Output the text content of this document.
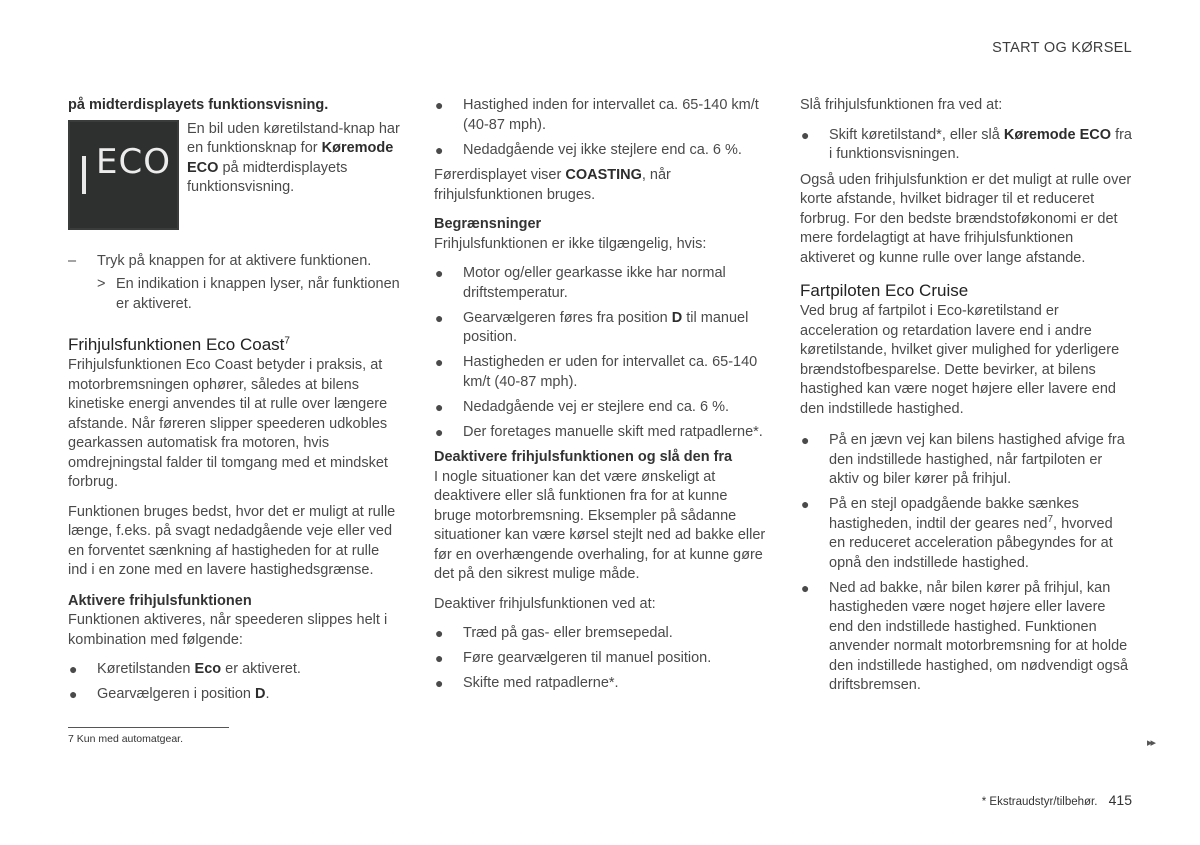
START OG KØRSEL

på midterdisplayets funktionsvisning.

ECO
En bil uden køretilstand-knap har en funktionsknap for Køremode ECO på midterdisplayets funktionsvisning.
– Tryk på knappen for at aktivere funktionen.
> En indikation i knappen lyser, når funktionen er aktiveret.
Frihjulsfunktionen Eco Coast$^7$

Frihjulsfunktionen Eco Coast betyder i praksis, at motorbremsningen ophører, således at bilens kinetiske energi anvendes til at rulle over længere afstande. Når føreren slipper speederen udkobles gearkassen automatisk fra motoren, hvis omdrejningstal falder til tomgang med et mindsket forbrug.

Funktionen bruges bedst, hvor det er muligt at rulle længe, f.eks. på svagt nedadgående veje eller ved en forventet sænkning af hastigheden for at rulle ind i en zone med en lavere hastighedsgrænse.

Aktivere frihjulsfunktionen

Funktionen aktiveres, når speederen slippes helt i kombination med følgende:

● Køretilstanden Eco er aktiveret.
● Gearvælgeren i position D.
● Hastighed inden for intervallet ca. 65-140 km/t (40-87 mph).
● Nedadgående vej ikke stejlere end ca. 6 %.

Førerdisplayet viser COASTING, når frihjulsfunktionen bruges.

Begrænsninger

Frihjulsfunktionen er ikke tilgængelig, hvis:

● Motor og/eller gearkasse ikke har normal driftstemperatur.
● Gearvælgeren føres fra position D til manuel position.
● Hastigheden er uden for intervallet ca. 65-140 km/t (40-87 mph).
● Nedadgående vej er stejlere end ca. 6 %.
● Der foretages manuelle skift med ratpadlerne*.

Deaktivere frihjulsfunktionen og slå den fra

I nogle situationer kan det være ønskeligt at deaktivere eller slå funktionen fra for at kunne bruge motorbremsning. Eksempler på sådanne situationer kan være kørsel stejlt ned ad bakke eller før en overhængende overhaling, for at kunne gøre det på den sikrest mulige måde.

Deaktiver frihjulsfunktionen ved at:

● Træd på gas- eller bremsepedal.
● Føre gearvælgeren til manuel position.
● Skifte med ratpadlerne*.

Slå frihjulsfunktionen fra ved at:

● Skift køretilstand*, eller slå Køremode ECO fra i funktionsvisningen.

Også uden frihjulsfunktion er det muligt at rulle over korte afstande, hvilket bidrager til et reduceret forbrug. For den bedste brændstoføkonomi er det mere fordelagtigt at have frihjulsfunktionen aktiveret og kunne rulle over lange afstande.

Fartpiloten Eco Cruise

Ved brug af fartpilot i Eco-køretilstand er acceleration og retardation lavere end i andre køretilstande, hvilket giver mulighed for yderligere brændstofbesparelse. Dette bevirker, at bilens hastighed kan være noget højere eller lavere end den indstillede hastighed.

● På en jævn vej kan bilens hastighed afvige fra den indstillede hastighed, når fartpiloten er aktiv og biler kører på frihjul.
● På en stejl opadgående bakke sænkes hastigheden, indtil der geares ned$^7$, hvorved en reduceret acceleration påbegyndes for at opnå den indstillede hastighed.
● Ned ad bakke, når bilen kører på frihjul, kan hastigheden være noget højere eller lavere end den indstillede hastighed. Funktionen anvender normalt motorbremsning for at holde den indstillede hastighed, om nødvendigt også driftsbremsen.
7 Kun med automatgear.	▸▸
* Ekstraudstyr/tilbehør. 415
